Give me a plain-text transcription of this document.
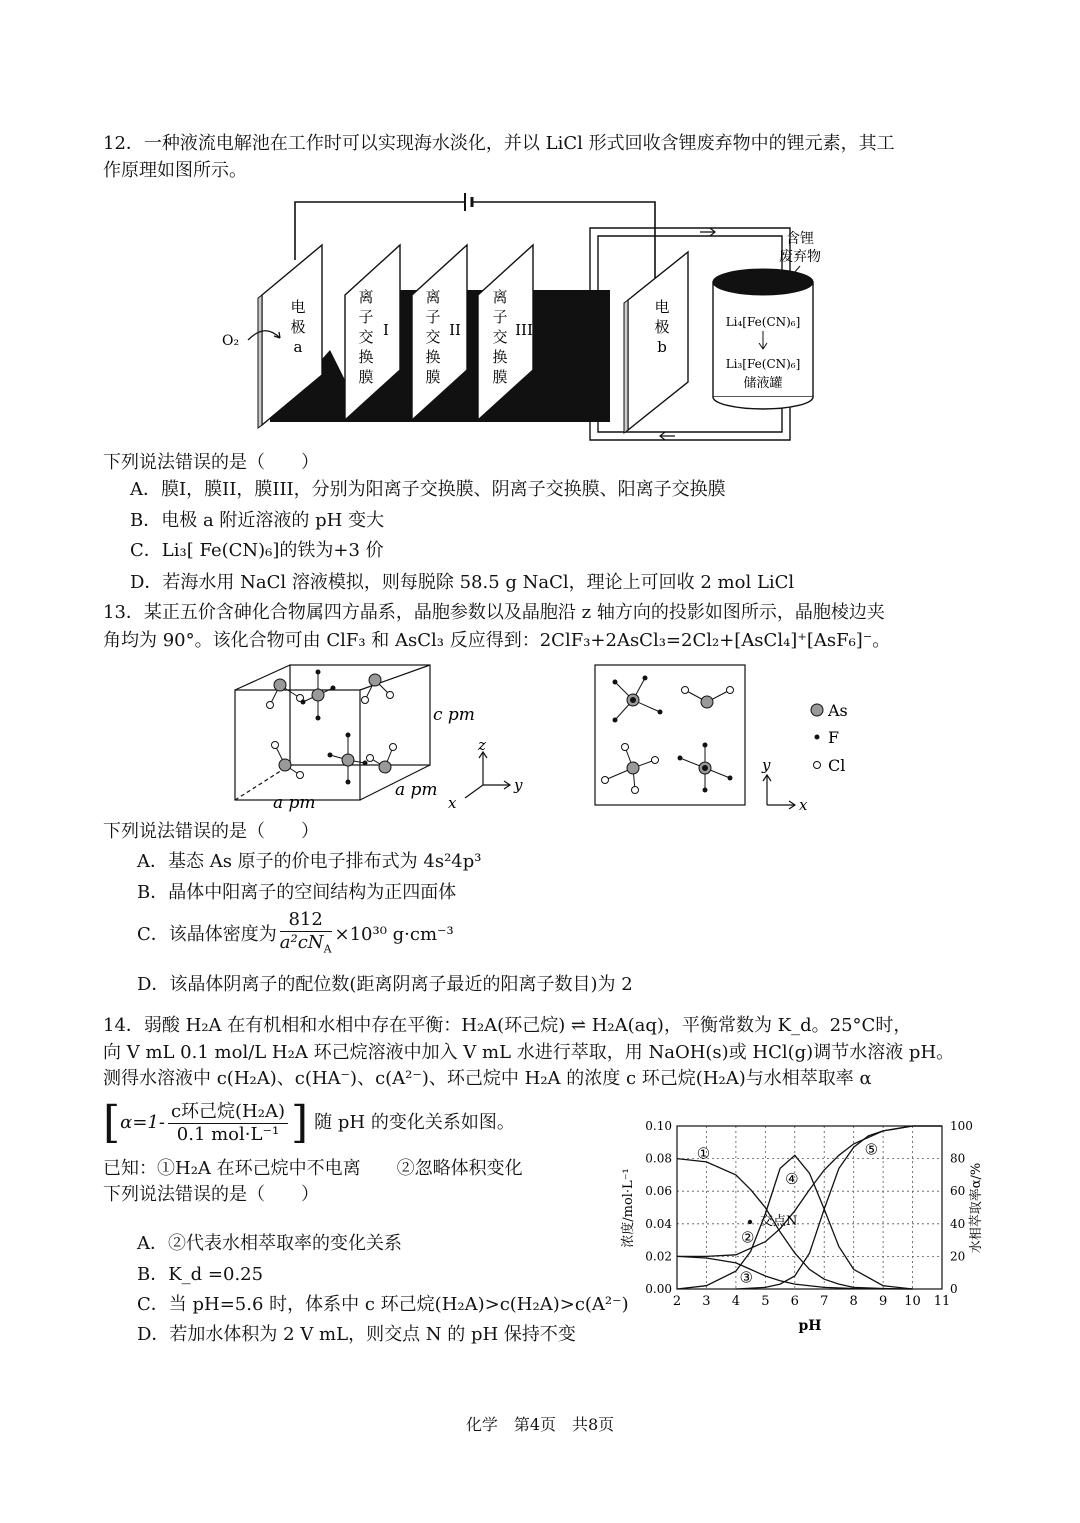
12．一种液流电解池在工作时可以实现海水淡化，并以 LiCl 形式回收含锂废弃物中的锂元素，其工
作原理如图所示。
O₂
电
极
a
离
子
交
换
膜
I
离
子
交
换
膜
II
离
子
交
换
膜
III
电
极
b
含锂
废弃物
Li₄[Fe(CN)₆]
Li₃[Fe(CN)₆]
储液罐
下列说法错误的是（　　）
A．膜I，膜II，膜III，分别为阳离子交换膜、阴离子交换膜、阳离子交换膜
B．电极 a 附近溶液的 pH 变大
C．Li₃[ Fe(CN)₆]的铁为+3 价
D．若海水用 NaCl 溶液模拟，则每脱除 58.5 g NaCl，理论上可回收 2 mol LiCl
13．某正五价含砷化合物属四方晶系，晶胞参数以及晶胞沿 z 轴方向的投影如图所示，晶胞棱边夹
角均为 90°。该化合物可由 ClF₃ 和 AsCl₃ 反应得到：2ClF₃+2AsCl₃=2Cl₂+[AsCl₄]⁺[AsF₆]⁻。
c pm
a pm
a pm
z
y
x
As
F
Cl
y
x
下列说法错误的是（　　）
A．基态 As 原子的价电子排布式为 4s²4p³
B．晶体中阳离子的空间结构为正四面体
C．该晶体密度为 $\frac{812}{a^2cN_A} \times 10^{30}$ g·cm⁻³
D．该晶体阴离子的配位数(距离阴离子最近的阳离子数目)为 2
14．弱酸 H₂A 在有机相和水相中存在平衡：H₂A(环己烷) ⇌ H₂A(aq)，平衡常数为 K_d。25°C时，
向 V mL 0.1 mol/L H₂A 环己烷溶液中加入 V mL 水进行萃取，用 NaOH(s)或 HCl(g)调节水溶液 pH。
测得水溶液中 c(H₂A)、c(HA⁻)、c(A²⁻)、环己烷中 H₂A 的浓度 c 环己烷(H₂A)与水相萃取率 α
[ $\alpha=1- \frac{\text{c环己烷(H₂A)}}{\text{0.1 mol·L⁻¹}}$ ] 随 pH 的变化关系如图。
已知：①H₂A 在环己烷中不电离　　②忽略体积变化
下列说法错误的是（　　）
A．②代表水相萃取率的变化关系
B．K_d =0.25
C．当 pH=5.6 时，体系中 c 环己烷(H₂A)>c(H₂A)>c(A²⁻)
D．若加水体积为 2 V mL，则交点 N 的 pH 保持不变
2 3 4 5 6 7 8 9 10 11
0.00
0.02
0.04
0.06
0.08
0.10
0
20
40
60
80
100
①
②
③
④
⑤
浓度/mol·L⁻¹	水相萃取率α/%
pH
交点N
化学　第4页　共8页
